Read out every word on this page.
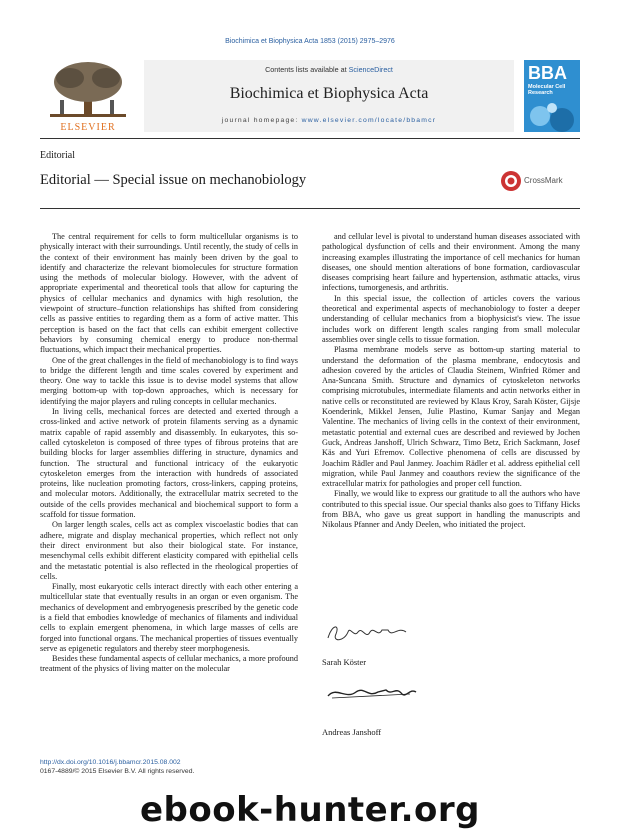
Biochimica et Biophysica Acta 1853 (2015) 2975–2976
ELSEVIER
Contents lists available at ScienceDirect
Biochimica et Biophysica Acta
journal homepage: www.elsevier.com/locate/bbamcr
BBA
Molecular Cell Research
Editorial
Editorial — Special issue on mechanobiology	CrossMark

The central requirement for cells to form multicellular organisms is to physically interact with their surroundings. Until recently, the study of cells in the context of their environment has mainly been driven by the goal to identify and characterize the relevant biomolecules for structure formation using the methods of molecular biology. However, with the advent of appropriate experimental and theoretical tools that allow for capturing the physics of cellular mechanics and dynamics with high resolution, the viewpoint of structure–function relationships has shifted from considering cells as passive entities to regarding them as a form of active matter. This perception is based on the fact that cells can exhibit emergent collective behaviors by consuming chemical energy to produce non-thermal fluctuations, which impact their mechanical properties.

One of the great challenges in the field of mechanobiology is to find ways to bridge the different length and time scales covered by experiment and theory. One way to tackle this issue is to devise model systems that allow merging bottom-up with top-down approaches, which is necessary for identifying the major players and ruling concepts in cellular mechanics.

In living cells, mechanical forces are detected and exerted through a cross-linked and active network of protein filaments serving as a dynamic matrix capable of rapid assembly and disassembly. In eukaryotes, this so-called cytoskeleton is composed of three types of fibrous proteins that are building blocks for larger assemblies differing in structure, dynamics and function. The structural and functional intricacy of the eukaryotic cytoskeleton emerges from the interaction with hundreds of associated proteins, like nucleation promoting factors, cross-linkers, capping proteins, and molecular motors. Additionally, the extracellular matrix secreted to the outside of the cells provides mechanical and biochemical support to form a scaffold for tissue formation.

On larger length scales, cells act as complex viscoelastic bodies that can adhere, migrate and display mechanical properties, which reflect not only their direct environment but also their biological state. For instance, mesenchymal cells exhibit different elasticity compared with epithelial cells and the metastatic potential is also reflected in the rheological properties of cells.

Finally, most eukaryotic cells interact directly with each other entering a multicellular state that eventually results in an organ or even organism. The mechanics of development and embryogenesis prescribed by the genetic code is a field that embodies knowledge of mechanics of filaments and individual cells to explain emergent phenomena, in which large masses of cells are forged into functional organs. The mechanical properties of tissues eventually serve as epigenetic regulators and thereby steer morphogenesis.

Besides these fundamental aspects of cellular mechanics, a more profound treatment of the physics of living matter on the molecular

and cellular level is pivotal to understand human diseases associated with pathological dysfunction of cells and their environment. Among the many increasing examples illustrating the importance of cell mechanics for human diseases, one should mention alterations of bone formation, cardiovascular diseases comprising heart failure and hypertension, asthmatic attacks, virus infections, tumorgenesis, and arthritis.

In this special issue, the collection of articles covers the various theoretical and experimental aspects of mechanobiology to foster a deeper understanding of cellular mechanics from a biophysicist's view. The issue includes work on different length scales ranging from small molecular assemblies over single cells to tissue formation.

Plasma membrane models serve as bottom-up starting material to understand the deformation of the plasma membrane, endocytosis and adhesion covered by the articles of Claudia Steinem, Winfried Römer and Ana-Suncana Smith. Structure and dynamics of cytoskeleton networks comprising microtubules, intermediate filaments and actin networks either in native cells or reconstituted are reviewed by Klaus Kroy, Sarah Köster, Gijsje Koenderink, Mikkel Jensen, Julie Plastino, Kumar Sanjay and Megan Valentine. The mechanics of living cells in the context of their environment, metastatic potential and external cues are described and reviewed by Jochen Guck, Andreas Janshoff, Ulrich Schwarz, Timo Betz, Erich Sackmann, Josef Käs and Yuri Efremov. Collective phenomena of cells are discussed by Joachim Rädler and Paul Janmey. Joachim Rädler et al. address epithelial cell migration, while Paul Janmey and coauthors review the significance of the extracellular matrix for pathologies and proper cell function.

Finally, we would like to express our gratitude to all the authors who have contributed to this special issue. Our special thanks also goes to Tiffany Hicks from BBA, who gave us great support in handling the manuscripts and Nikolaus Pfanner and Andy Deelen, who initiated the project.

Sarah Köster
Andreas Janshoff
http://dx.doi.org/10.1016/j.bbamcr.2015.08.002
0167-4889/© 2015 Elsevier B.V. All rights reserved.
ebook-hunter.org
